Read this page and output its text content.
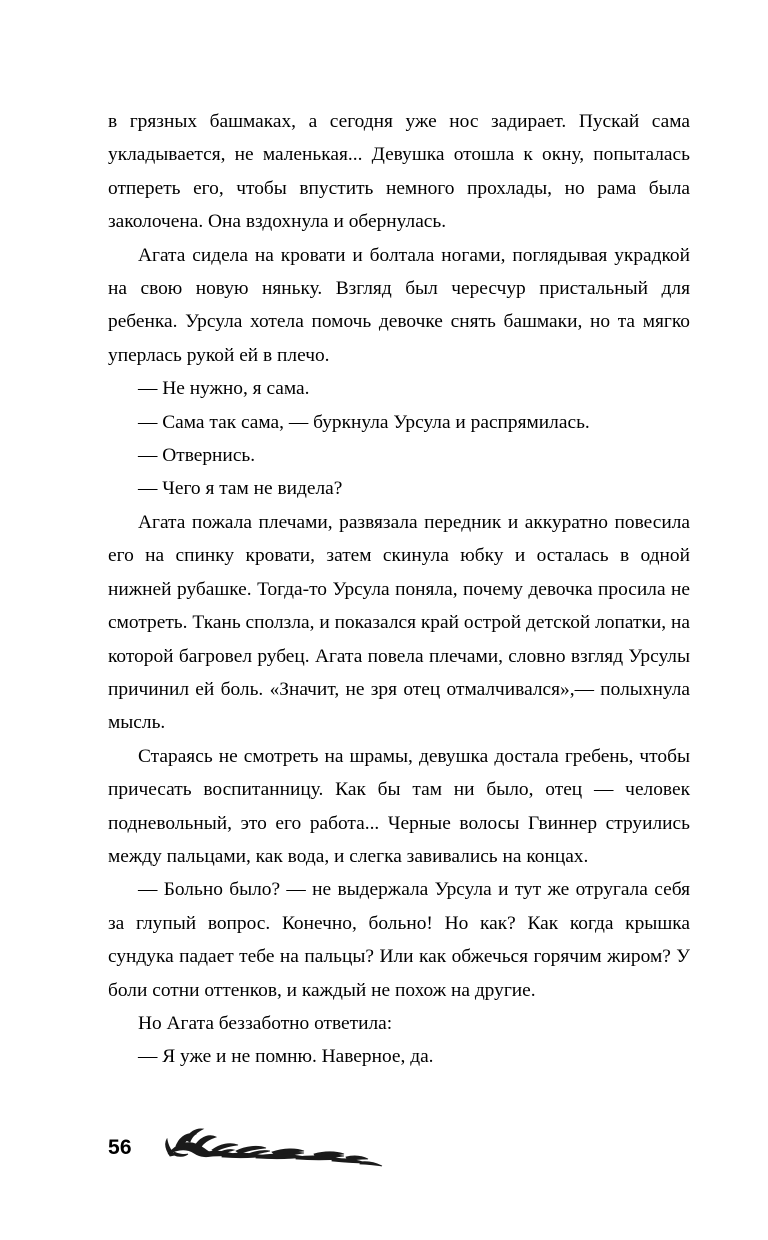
в грязных башмаках, а сегодня уже нос задирает. Пускай сама укладывается, не маленькая... Девушка отошла к окну, попыталась отпереть его, чтобы впустить немного прохлады, но рама была заколочена. Она вздохнула и обернулась.

Агата сидела на кровати и болтала ногами, поглядывая украдкой на свою новую няньку. Взгляд был чересчур пристальный для ребенка. Урсула хотела помочь девочке снять башмаки, но та мягко уперлась рукой ей в плечо.

— Не нужно, я сама.

— Сама так сама, — буркнула Урсула и распрямилась.

— Отвернись.

— Чего я там не видела?

Агата пожала плечами, развязала передник и аккуратно повесила его на спинку кровати, затем скинула юбку и осталась в одной нижней рубашке. Тогда-то Урсула поняла, почему девочка просила не смотреть. Ткань сползла, и показался край острой детской лопатки, на которой багровел рубец. Агата повела плечами, словно взгляд Урсулы причинил ей боль. «Значит, не зря отец отмалчивался»,— полыхнула мысль.

Стараясь не смотреть на шрамы, девушка достала гребень, чтобы причесать воспитанницу. Как бы там ни было, отец — человек подневольный, это его работа... Черные волосы Гвиннер струились между пальцами, как вода, и слегка завивались на концах.

— Больно было? — не выдержала Урсула и тут же отругала себя за глупый вопрос. Конечно, больно! Но как? Как когда крышка сундука падает тебе на пальцы? Или как обжечься горячим жиром? У боли сотни оттенков, и каждый не похож на другие.

Но Агата беззаботно ответила:

— Я уже и не помню. Наверное, да.

56
